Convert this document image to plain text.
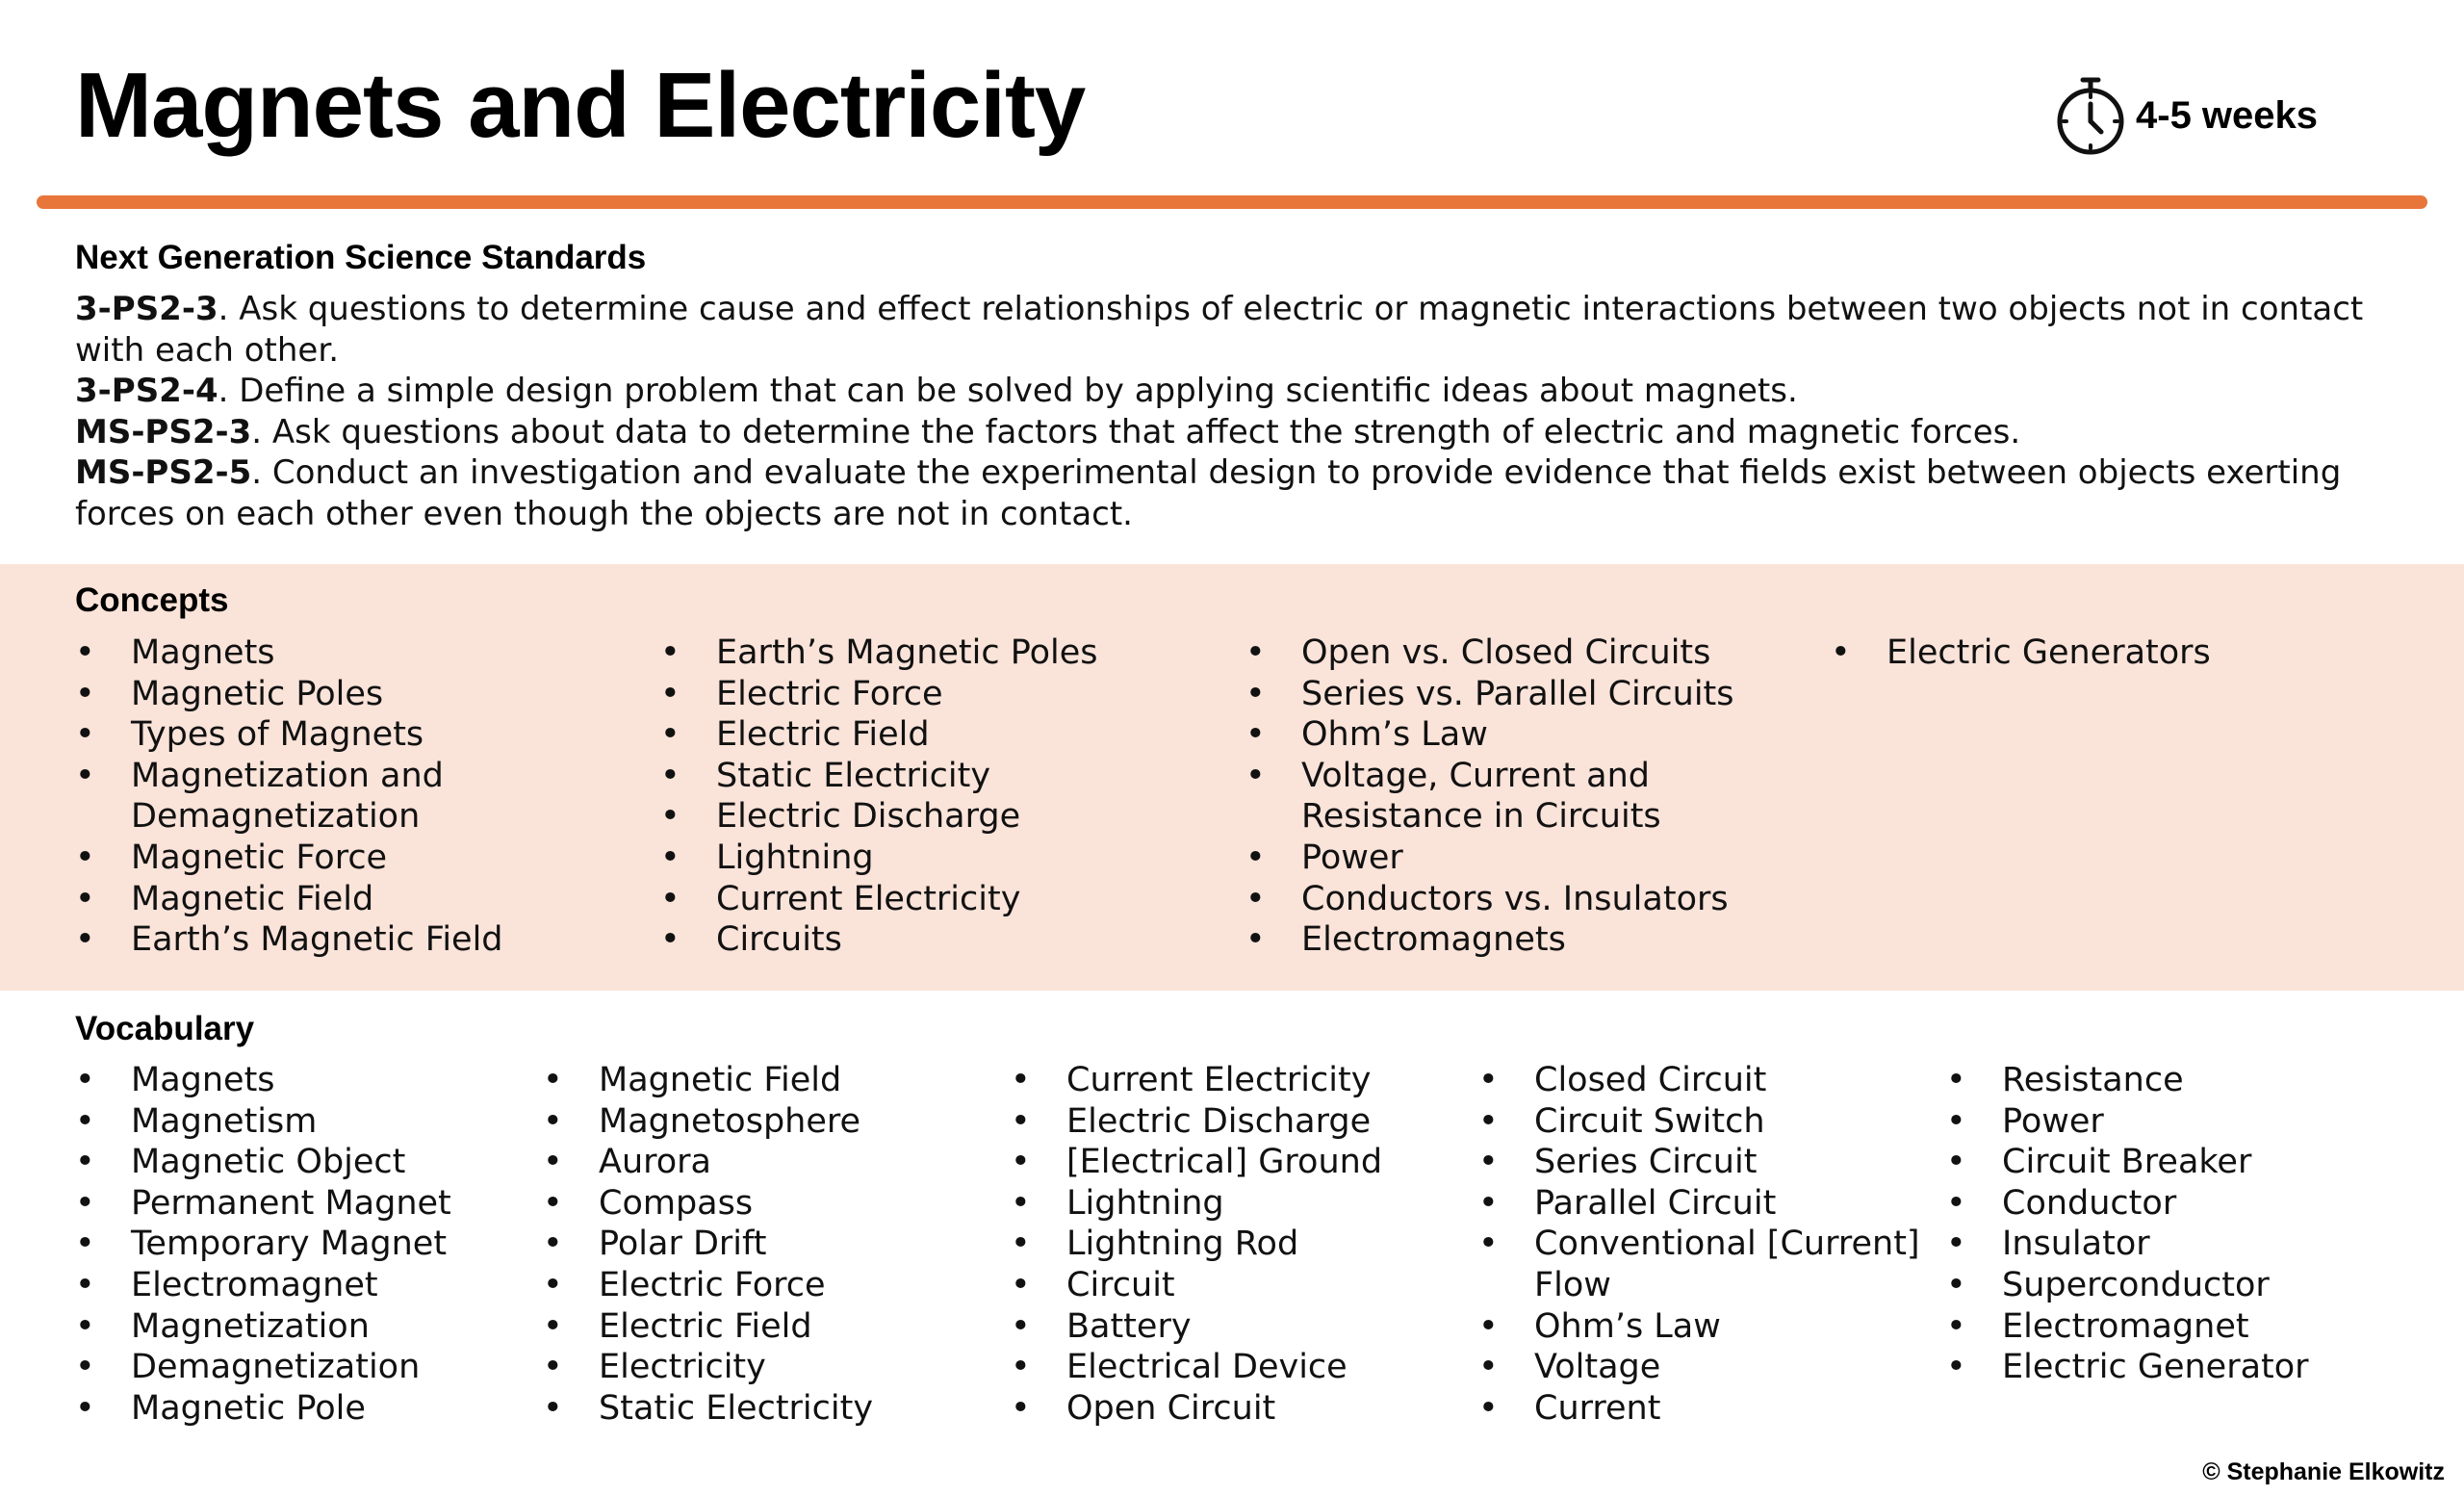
Magnets and Electricity	4-5 weeks
Next Generation Science Standards

3-PS2-3. Ask questions to determine cause and effect relationships of electric or magnetic interactions between two objects not in contact with each other.

3-PS2-4. Define a simple design problem that can be solved by applying scientific ideas about magnets.

MS-PS2-3. Ask questions about data to determine the factors that affect the strength of electric and magnetic forces.

MS-PS2-5. Conduct an investigation and evaluate the experimental design to provide evidence that fields exist between objects exerting forces on each other even though the objects are not in contact.

Concepts
• Magnets
• Magnetic Poles
• Types of Magnets
• Magnetization and Demagnetization
• Magnetic Force
• Magnetic Field
• Earth’s Magnetic Field
• Earth’s Magnetic Poles
• Electric Force
• Electric Field
• Static Electricity
• Electric Discharge
• Lightning
• Current Electricity
• Circuits
• Open vs. Closed Circuits
• Series vs. Parallel Circuits
• Ohm’s Law
• Voltage, Current and Resistance in Circuits
• Power
• Conductors vs. Insulators
• Electromagnets
• Electric Generators
Vocabulary
• Magnets
• Magnetism
• Magnetic Object
• Permanent Magnet
• Temporary Magnet
• Electromagnet
• Magnetization
• Demagnetization
• Magnetic Pole
• Magnetic Field
• Magnetosphere
• Aurora
• Compass
• Polar Drift
• Electric Force
• Electric Field
• Electricity
• Static Electricity
• Current Electricity
• Electric Discharge
• [Electrical] Ground
• Lightning
• Lightning Rod
• Circuit
• Battery
• Electrical Device
• Open Circuit
• Closed Circuit
• Circuit Switch
• Series Circuit
• Parallel Circuit
• Conventional [Current] Flow
• Ohm’s Law
• Voltage
• Current
• Resistance
• Power
• Circuit Breaker
• Conductor
• Insulator
• Superconductor
• Electromagnet
• Electric Generator
© Stephanie Elkowitz
